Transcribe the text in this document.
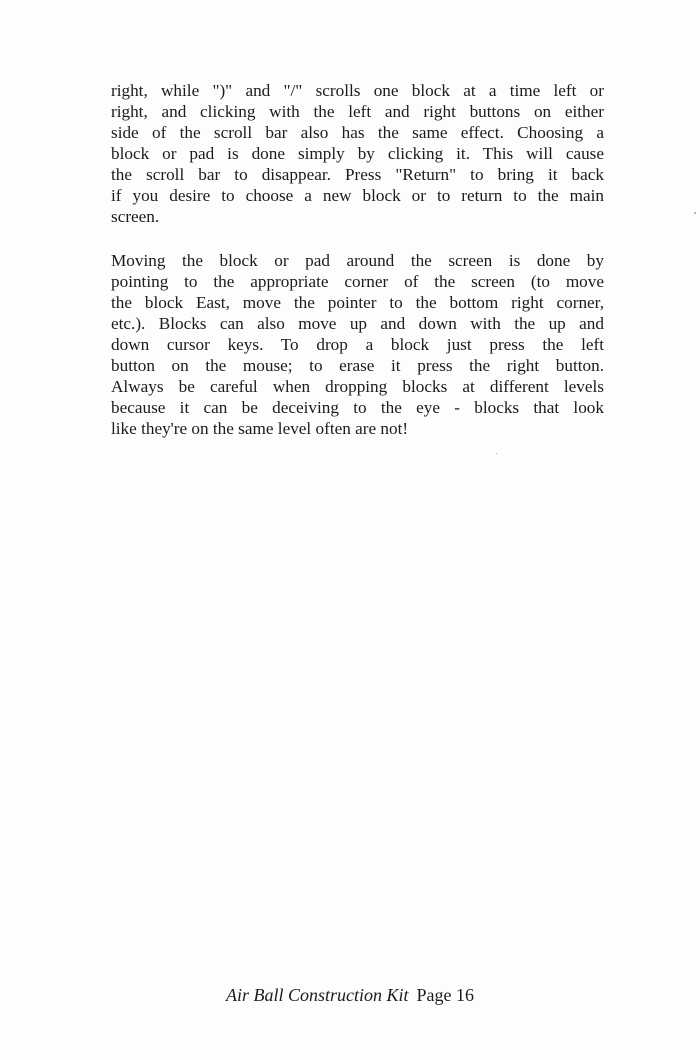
right, while ")" and "/" scrolls one block at a time left or
right, and clicking with the left and right buttons on either
side of the scroll bar also has the same effect. Choosing a
block or pad is done simply by clicking it. This will cause
the scroll bar to disappear. Press "Return" to bring it back
if you desire to choose a new block or to return to the main
screen.
Moving the block or pad around the screen is done by
pointing to the appropriate corner of the screen (to move
the block East, move the pointer to the bottom right corner,
etc.). Blocks can also move up and down with the up and
down cursor keys. To drop a block just press the left
button on the mouse; to erase it press the right button.
Always be careful when dropping blocks at different levels
because it can be deceiving to the eye - blocks that look
like they're on the same level often are not!
Air Ball Construction Kit Page 16
